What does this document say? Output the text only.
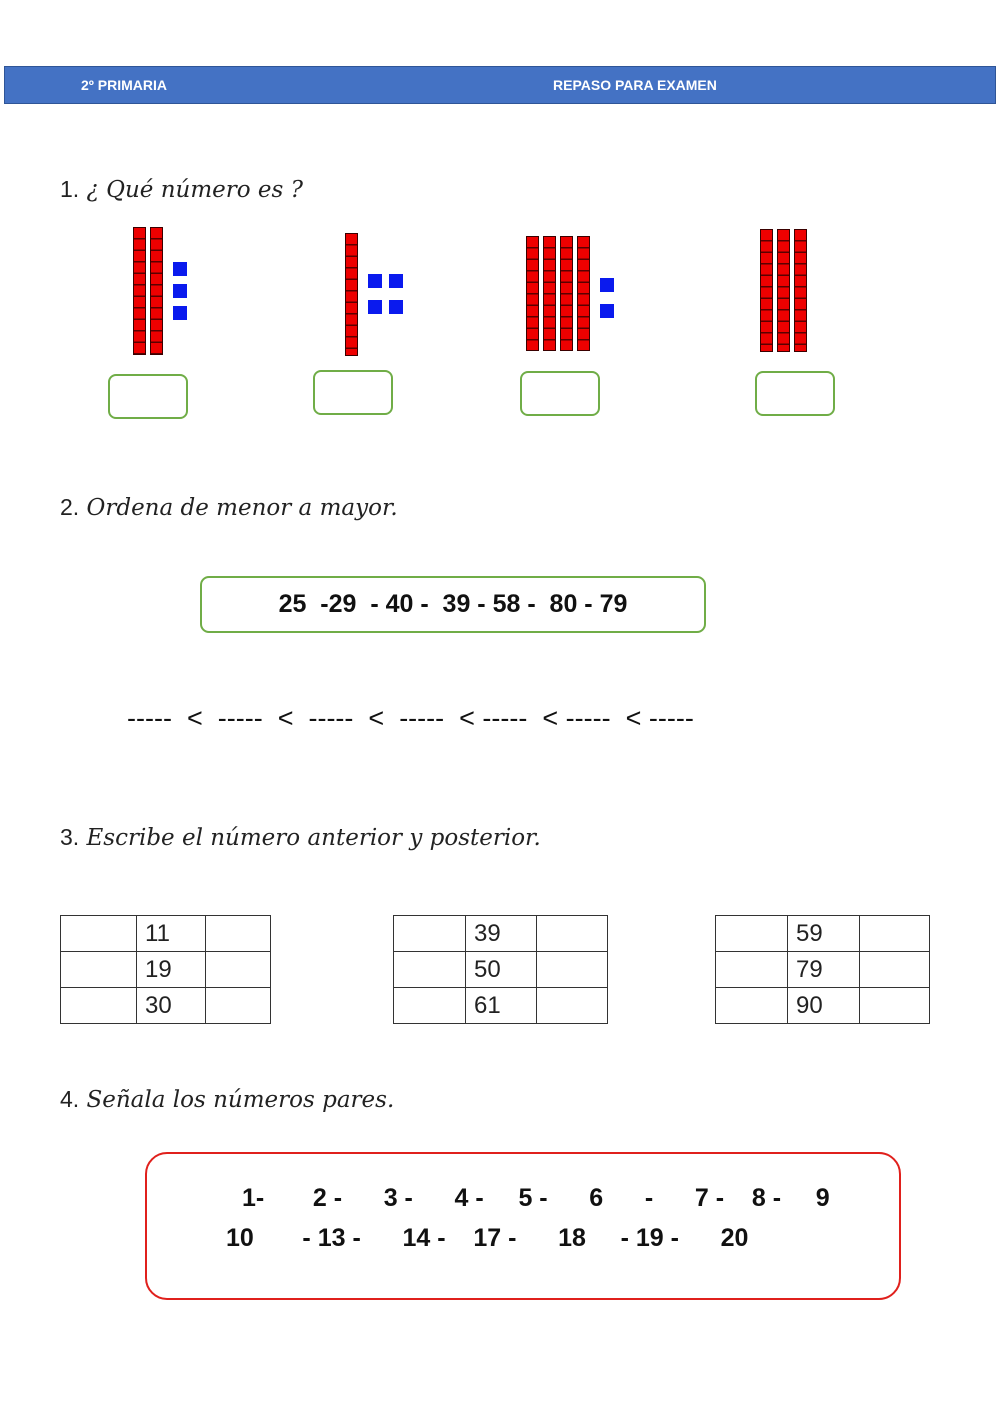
2º PRIMARIA	REPASO PARA EXAMEN
1. ¿ Qué número es ?
2. Ordena de menor a mayor.
25  -29  - 40 -  39 - 58 -  80 - 79
-----  <  -----  <  -----  <  -----  < -----  < -----  < -----
3. Escribe el número anterior y posterior.
	11	
	19	
	30	
	39	
	50	
	61	
	59	
	79	
	90	
4. Señala los números pares.
1-       2 -      3 -      4 -     5 -      6      -      7 -    8 -     9
10       - 13 -      14 -    17 -      18     - 19 -      20
